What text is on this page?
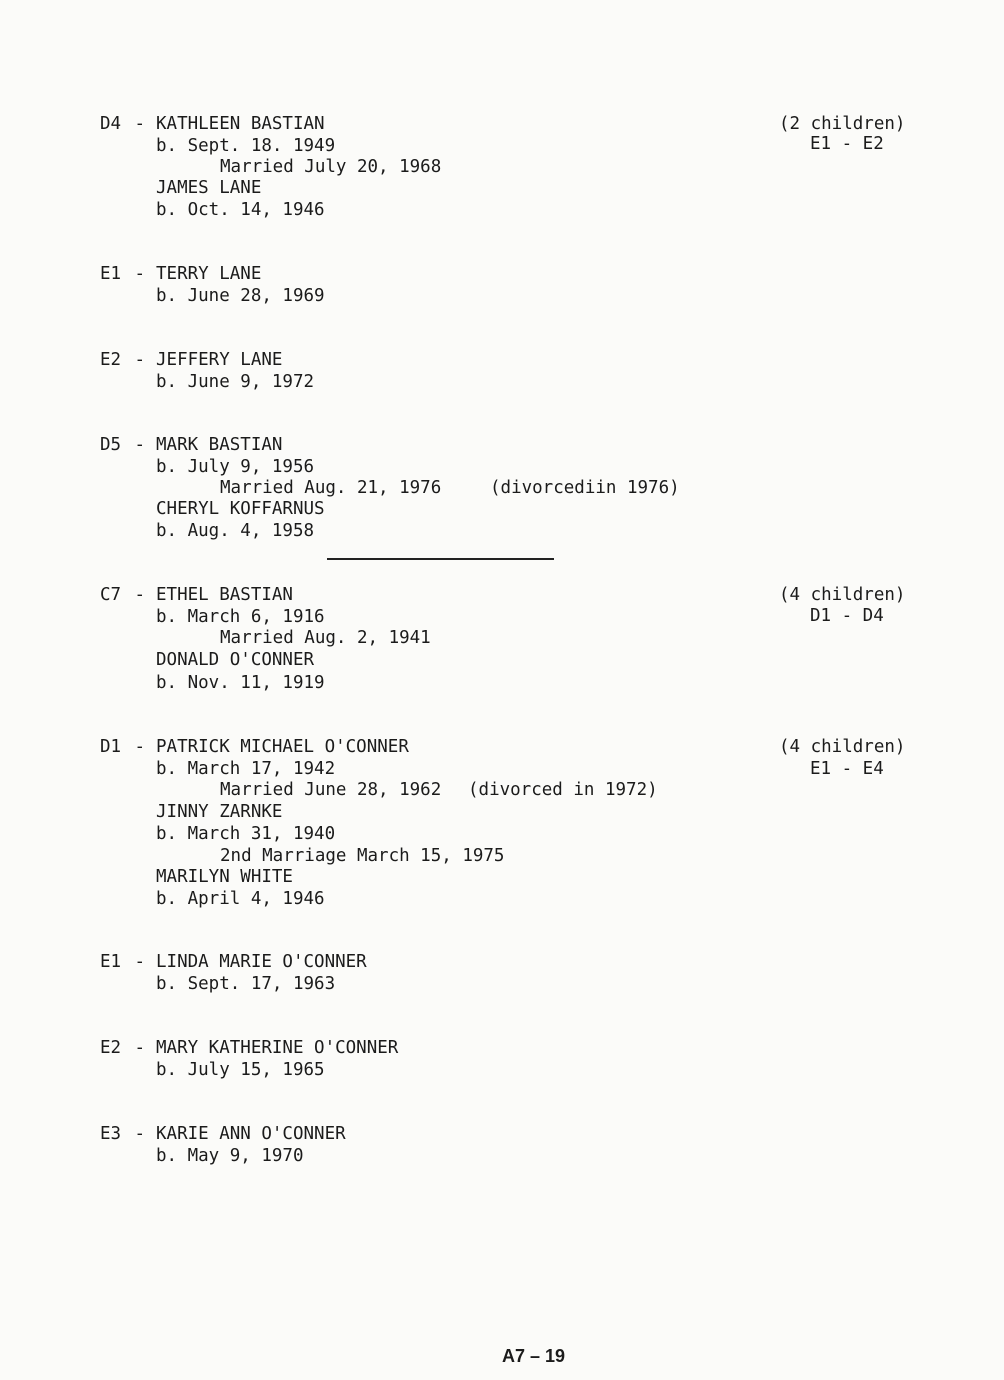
D4 - KATHLEEN BASTIAN
b. Sept. 18. 1949
Married July 20, 1968
JAMES LANE
b. Oct. 14, 1946
(2 children)
E1 - E2
E1 - TERRY LANE
b. June 28, 1969
E2 - JEFFERY LANE
b. June 9, 1972
D5 - MARK BASTIAN
b. July 9, 1956
Married Aug. 21, 1976	(divorcediin 1976)
CHERYL KOFFARNUS
b. Aug. 4, 1958
C7 - ETHEL BASTIAN
b. March 6, 1916
Married Aug. 2, 1941
DONALD O'CONNER
b. Nov. 11, 1919
(4 children)
D1 - D4
D1 - PATRICK MICHAEL O'CONNER
b. March 17, 1942
Married June 28, 1962 (divorced in 1972)
JINNY ZARNKE
b. March 31, 1940
2nd Marriage March 15, 1975
MARILYN WHITE
b. April 4, 1946
(4 children)
E1 - E4
E1 - LINDA MARIE O'CONNER
b. Sept. 17, 1963
E2 - MARY KATHERINE O'CONNER
b. July 15, 1965
E3 - KARIE ANN O'CONNER
b. May 9, 1970
A7 – 19
